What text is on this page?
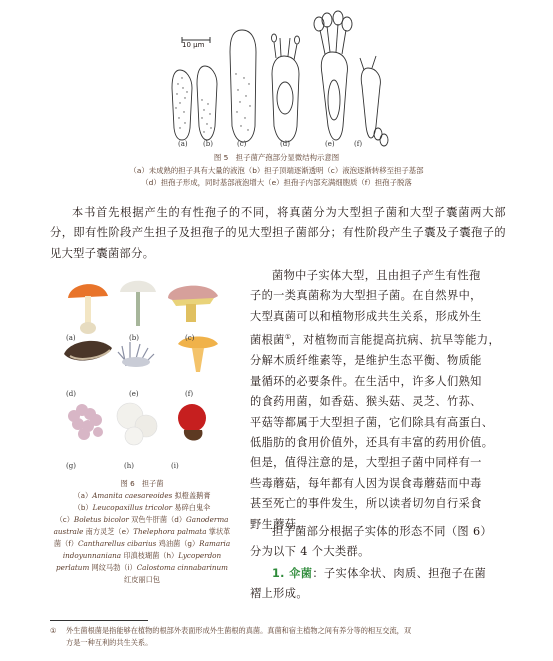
10 μm
(a) (b)	(c)	(d)	(e)	(f)
图 5　担子菌产孢部分显微结构示意图
（a）未成熟的担子具有大量的液泡（b）担子顶端逐渐透明（c）液泡逐渐转移至担子基部
（d）担孢子形成，同时基部液泡增大（e）担孢子内部充满细胞质（f）担孢子脱落

本书首先根据产生的有性孢子的不同，将真菌分为大型担子菌和大型子囊菌两大部分，即有性阶段产生担子及担孢子的见大型担子菌部分；有性阶段产生子囊及子囊孢子的见大型子囊菌部分。

(a)	(b)	(c)
(d)	(e)	(f)
(g)	(h)	(i)
图 6　担子菌
（a）Amanita caesareoides 拟橙盖鹅膏
（b）Leucopaxillus tricolor 易碎白鬼伞
（c）Boletus bicolor 双色牛肝菌（d）Ganoderma
australe 南方灵芝（e）Thelephora palmata 掌状革
菌（f）Cantharellus cibarius 鸡油菌（g）Ramaria
indoyunnaniana 印滇枝瑚菌（h）Lycoperdon
perlatum 网纹马勃（i）Calostoma cinnabarinum
红皮丽口包
菌物中子实体大型，且由担子产生有性孢
子的一类真菌称为大型担子菌。在自然界中，
大型真菌可以和植物形成共生关系，形成外生
菌根菌①，对植物而言能提高抗病、抗旱等能力，
分解木质纤维素等，是维护生态平衡、物质能
量循环的必要条件。在生活中，许多人们熟知
的食药用菌，如香菇、猴头菇、灵芝、竹荪、
平菇等都属于大型担子菌，它们除具有高蛋白、
低脂肪的食用价值外，还具有丰富的药用价值。
但是，值得注意的是，大型担子菌中同样有一
些毒蘑菇，每年都有人因为误食毒蘑菇而中毒
甚至死亡的事件发生，所以读者切勿自行采食
野生蘑菇。
担子菌部分根据子实体的形态不同（图 6）
分为以下 4 个大类群。
1. 伞菌：子实体伞状、肉质、担孢子在菌
褶上形成。
① 外生菌根菌是指能够在植物的根部外表面形成外生菌根的真菌。真菌和宿主植物之间有养分等的相互交流，双
方是一种互利的共生关系。
